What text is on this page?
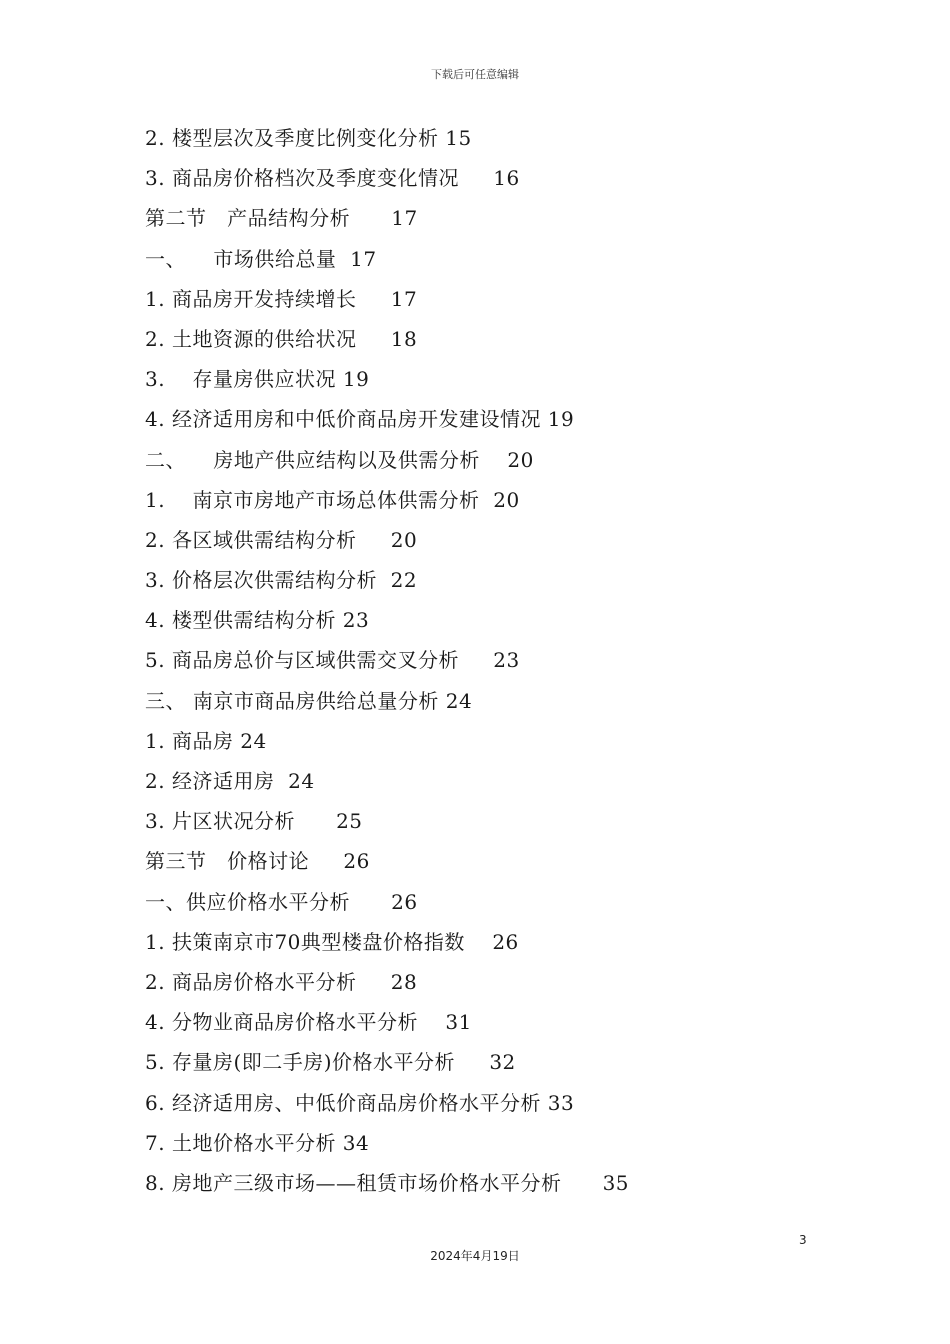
下载后可任意编辑
2. 楼型层次及季度比例变化分析 15
3. 商品房价格档次及季度变化情况     16
第二节   产品结构分析      17
一、    市场供给总量  17
1. 商品房开发持续增长     17
2. 土地资源的供给状况     18
3.    存量房供应状况 19
4. 经济适用房和中低价商品房开发建设情况 19
二、    房地产供应结构以及供需分析    20
1.    南京市房地产市场总体供需分析  20
2. 各区域供需结构分析     20
3. 价格层次供需结构分析  22
4. 楼型供需结构分析 23
5. 商品房总价与区域供需交叉分析     23
三、 南京市商品房供给总量分析 24
1. 商品房 24
2. 经济适用房  24
3. 片区状况分析      25
第三节   价格讨论     26
一、供应价格水平分析      26
1. 扶策南京市70典型楼盘价格指数    26
2. 商品房价格水平分析     28
4. 分物业商品房价格水平分析    31
5. 存量房(即二手房)价格水平分析     32
6. 经济适用房、中低价商品房价格水平分析 33
7. 土地价格水平分析 34
8. 房地产三级市场——租赁市场价格水平分析      35
3
2024年4月19日
